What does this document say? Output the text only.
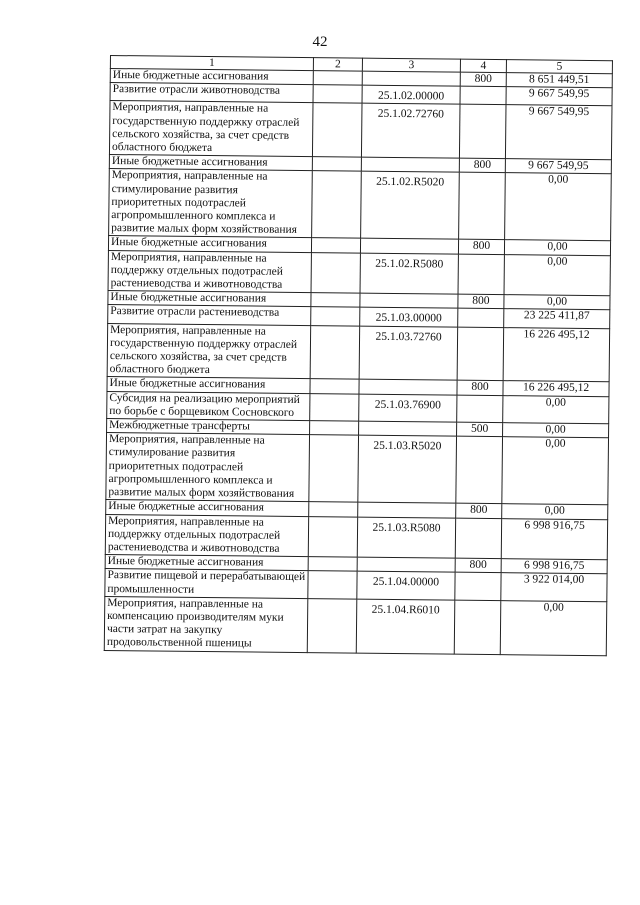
42
1	2	3	4	5
Иные бюджетные ассигнования			800	8 651 449,51
Развитие отрасли животноводства		25.1.02.00000		9 667 549,95
Мероприятия, направленные на государственную поддержку отраслей сельского хозяйства, за счет средств областного бюджета		25.1.02.72760		9 667 549,95
Иные бюджетные ассигнования			800	9 667 549,95
Мероприятия, направленные на стимулирование развития приоритетных подотраслей агропромышленного комплекса и развитие малых форм хозяйствования		25.1.02.R5020		0,00
Иные бюджетные ассигнования			800	0,00
Мероприятия, направленные на поддержку отдельных подотраслей растениеводства и животноводства		25.1.02.R5080		0,00
Иные бюджетные ассигнования			800	0,00
Развитие отрасли растениеводства		25.1.03.00000		23 225 411,87
Мероприятия, направленные на государственную поддержку отраслей сельского хозяйства, за счет средств областного бюджета		25.1.03.72760		16 226 495,12
Иные бюджетные ассигнования			800	16 226 495,12
Субсидия на реализацию мероприятий по борьбе с борщевиком Сосновского		25.1.03.76900		0,00
Межбюджетные трансферты			500	0,00
Мероприятия, направленные на стимулирование развития приоритетных подотраслей агропромышленного комплекса и развитие малых форм хозяйствования		25.1.03.R5020		0,00
Иные бюджетные ассигнования			800	0,00
Мероприятия, направленные на поддержку отдельных подотраслей растениеводства и животноводства		25.1.03.R5080		6 998 916,75
Иные бюджетные ассигнования			800	6 998 916,75
Развитие пищевой и перерабатывающей промышленности		25.1.04.00000		3 922 014,00
Мероприятия, направленные на компенсацию производителям муки части затрат на закупку продовольственной пшеницы		25.1.04.R6010		0,00
